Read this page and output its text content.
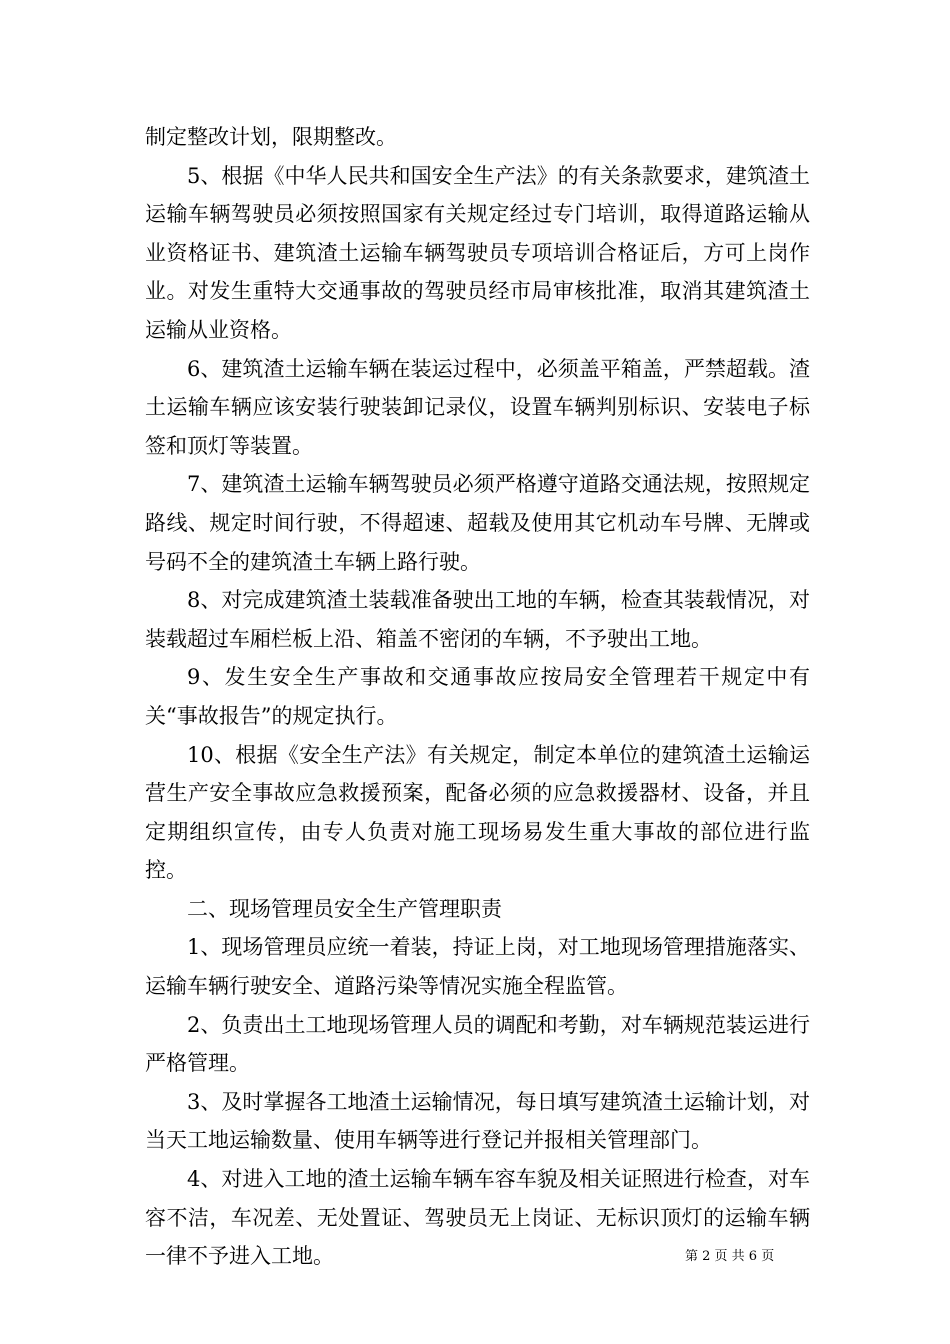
制定整改计划，限期整改。

5、根据《中华人民共和国安全生产法》的有关条款要求，建筑渣土运输车辆驾驶员必须按照国家有关规定经过专门培训，取得道路运输从业资格证书、建筑渣土运输车辆驾驶员专项培训合格证后，方可上岗作业。对发生重特大交通事故的驾驶员经市局审核批准，取消其建筑渣土运输从业资格。

6、建筑渣土运输车辆在装运过程中，必须盖平箱盖，严禁超载。渣土运输车辆应该安装行驶装卸记录仪，设置车辆判别标识、安装电子标签和顶灯等装置。

7、建筑渣土运输车辆驾驶员必须严格遵守道路交通法规，按照规定路线、规定时间行驶，不得超速、超载及使用其它机动车号牌、无牌或号码不全的建筑渣土车辆上路行驶。

8、对完成建筑渣土装载准备驶出工地的车辆，检查其装载情况，对装载超过车厢栏板上沿、箱盖不密闭的车辆，不予驶出工地。

9、发生安全生产事故和交通事故应按局安全管理若干规定中有关“事故报告”的规定执行。

10、根据《安全生产法》有关规定，制定本单位的建筑渣土运输运营生产安全事故应急救援预案，配备必须的应急救援器材、设备，并且定期组织宣传，由专人负责对施工现场易发生重大事故的部位进行监控。

二、现场管理员安全生产管理职责

1、现场管理员应统一着装，持证上岗，对工地现场管理措施落实、运输车辆行驶安全、道路污染等情况实施全程监管。

2、负责出土工地现场管理人员的调配和考勤，对车辆规范装运进行严格管理。

3、及时掌握各工地渣土运输情况，每日填写建筑渣土运输计划，对当天工地运输数量、使用车辆等进行登记并报相关管理部门。

4、对进入工地的渣土运输车辆车容车貌及相关证照进行检查，对车容不洁，车况差、无处置证、驾驶员无上岗证、无标识顶灯的运输车辆一律不予进入工地。	第 2 页 共 6 页
